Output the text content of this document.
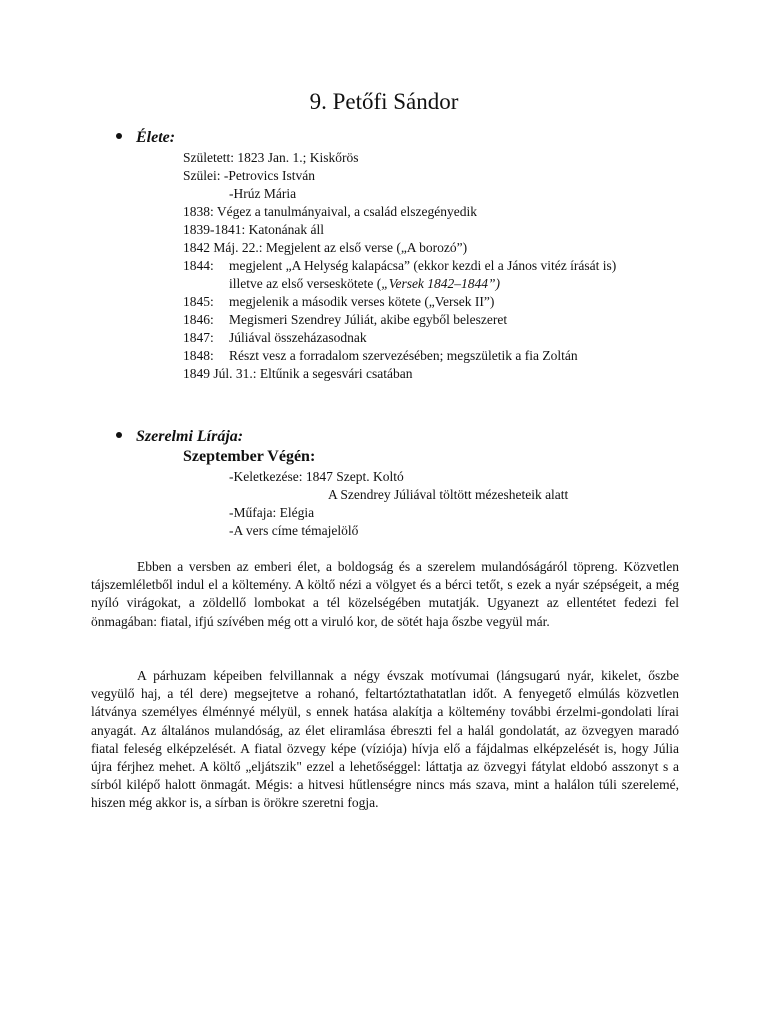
9. Petőfi Sándor
Élete:
Született: 1823 Jan. 1.; Kiskőrös
Szülei: -Petrovics István
-Hrúz Mária
1838: Végez a tanulmányaival, a család elszegényedik
1839-1841: Katonának áll
1842 Máj. 22.: Megjelent az első verse („A borozó”)
1844: megjelent „A Helység kalapácsa” (ekkor kezdi el a János vitéz írását is)
illetve az első verseskötete („Versek 1842–1844”)
1845: megjelenik a második verses kötete („Versek II”)
1846: Megismeri Szendrey Júliát, akibe egyből beleszeret
1847: Júliával összeházasodnak
1848: Részt vesz a forradalom szervezésében; megszületik a fia Zoltán
1849 Júl. 31.: Eltűnik a segesvári csatában
Szerelmi Lírája:
Szeptember Végén:
-Keletkezése: 1847 Szept. Koltó
A Szendrey Júliával töltött mézesheteik alatt
-Műfaja: Elégia
-A vers címe témajelölő

Ebben a versben az emberi élet, a boldogság és a szerelem mulandóságáról töpreng. Közvetlen tájszemléletből indul el a költemény. A költő nézi a völgyet és a bérci tetőt, s ezek a nyár szépségeit, a még nyíló virágokat, a zöldellő lombokat a tél közelségében mutatják. Ugyanezt az ellentétet fedezi fel önmagában: fiatal, ifjú szívében még ott a viruló kor, de sötét haja őszbe vegyül már.

A párhuzam képeiben felvillannak a négy évszak motívumai (lángsugarú nyár, kikelet, őszbe vegyülő haj, a tél dere) megsejtetve a rohanó, feltartóztathatatlan időt. A fenyegető elmúlás közvetlen látványa személyes élménnyé mélyül, s ennek hatása alakítja a költemény további érzelmi-gondolati lírai anyagát. Az általános mulandóság, az élet eliramlása ébreszti fel a halál gondolatát, az özvegyen maradó fiatal feleség elképzelését. A fiatal özvegy képe (víziója) hívja elő a fájdalmas elképzelését is, hogy Júlia újra férjhez mehet. A költő „eljátszik" ezzel a lehetőséggel: láttatja az özvegyi fátylat eldobó asszonyt s a sírból kilépő halott önmagát. Mégis: a hitvesi hűtlenségre nincs más szava, mint a halálon túli szerelemé, hiszen még akkor is, a sírban is örökre szeretni fogja.
